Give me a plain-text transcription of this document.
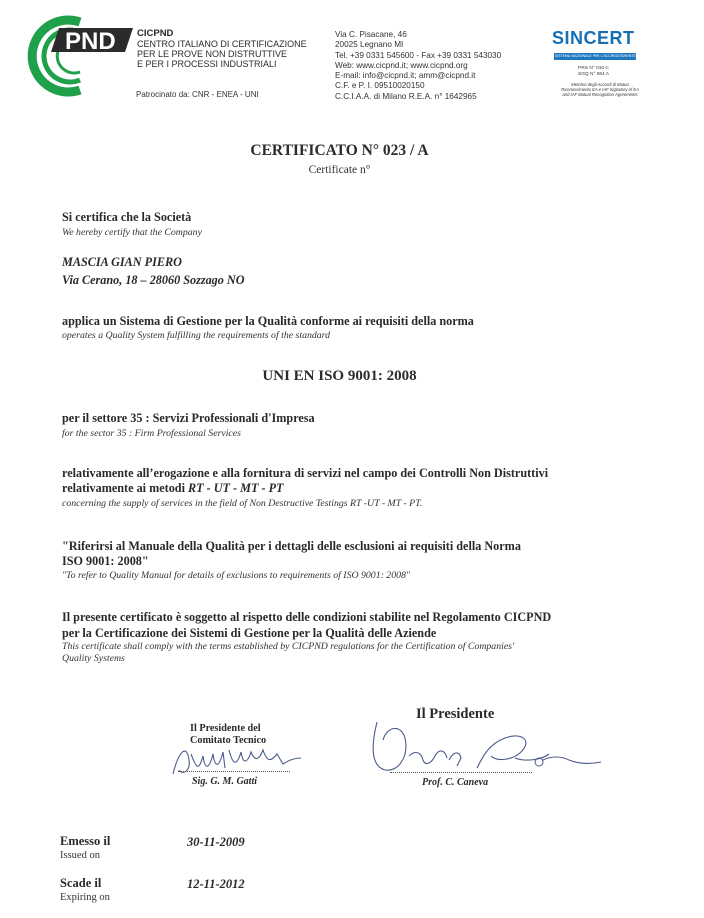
PND CICPND
CENTRO ITALIANO DI CERTIFICAZIONE
PER LE PROVE NON DISTRUTTIVE
E PER I PROCESSI INDUSTRIALI
Patrocinato da: CNR - ENEA - UNI
Via C. Pisacane, 46
20025 Legnano MI
Tel. +39 0331 545600 - Fax +39 0331 543030
Web: www.cicpnd.it; www.cicpnd.org
E-mail: info@cicpnd.it; amm@cicpnd.it
C.F. e P. I. 09510020150
C.C.I.A.A. di Milano R.E.A. n° 1642965
SINCERT
SISTEMA NAZIONALE PER L'ACCREDITAMENTO DEGLI ORGANISMI DI CERTIFICAZIONE
PRS N° 010 C
SGQ N° 064 A
Membro degli Accordi di Mutuo Riconoscimento EA e IAF Signatory of EA and IAF Mutual Recognition Agreements
CERTIFICATO N° 023 / A
Certificate n°
Si certifica che la Società
We hereby certify that the Company
MASCIA GIAN PIERO
Via Cerano, 18 – 28060 Sozzago NO
applica un Sistema di Gestione per la Qualità conforme ai requisiti della norma
operates a Quality System fulfilling the requirements of the standard
UNI EN ISO 9001: 2008
per il settore 35 : Servizi Professionali d'Impresa
for the sector 35 : Firm Professional Services
relativamente all’erogazione e alla fornitura di servizi nel campo dei Controlli Non Distruttivi
relativamente ai metodi RT - UT - MT - PT
concerning the supply of services in the field of Non Destructive Testings RT -UT - MT - PT.
"Riferirsi al Manuale della Qualità per i dettagli delle esclusioni ai requisiti della Norma
ISO 9001: 2008"
"To refer to Quality Manual for details of exclusions to requirements of ISO 9001: 2008"
Il presente certificato è soggetto al rispetto delle condizioni stabilite nel Regolamento CICPND
per la Certificazione dei Sistemi di Gestione per la Qualità delle Aziende
This certificate shall comply with the terms established by CICPND regulations for the Certification of Companies'
Quality Systems
Il Presidente del
Comitato Tecnico
Sig. G. M. Gatti
Il Presidente
Prof. C. Caneva
Emesso il
Issued on
30-11-2009
Scade il
Expiring on
12-11-2012
